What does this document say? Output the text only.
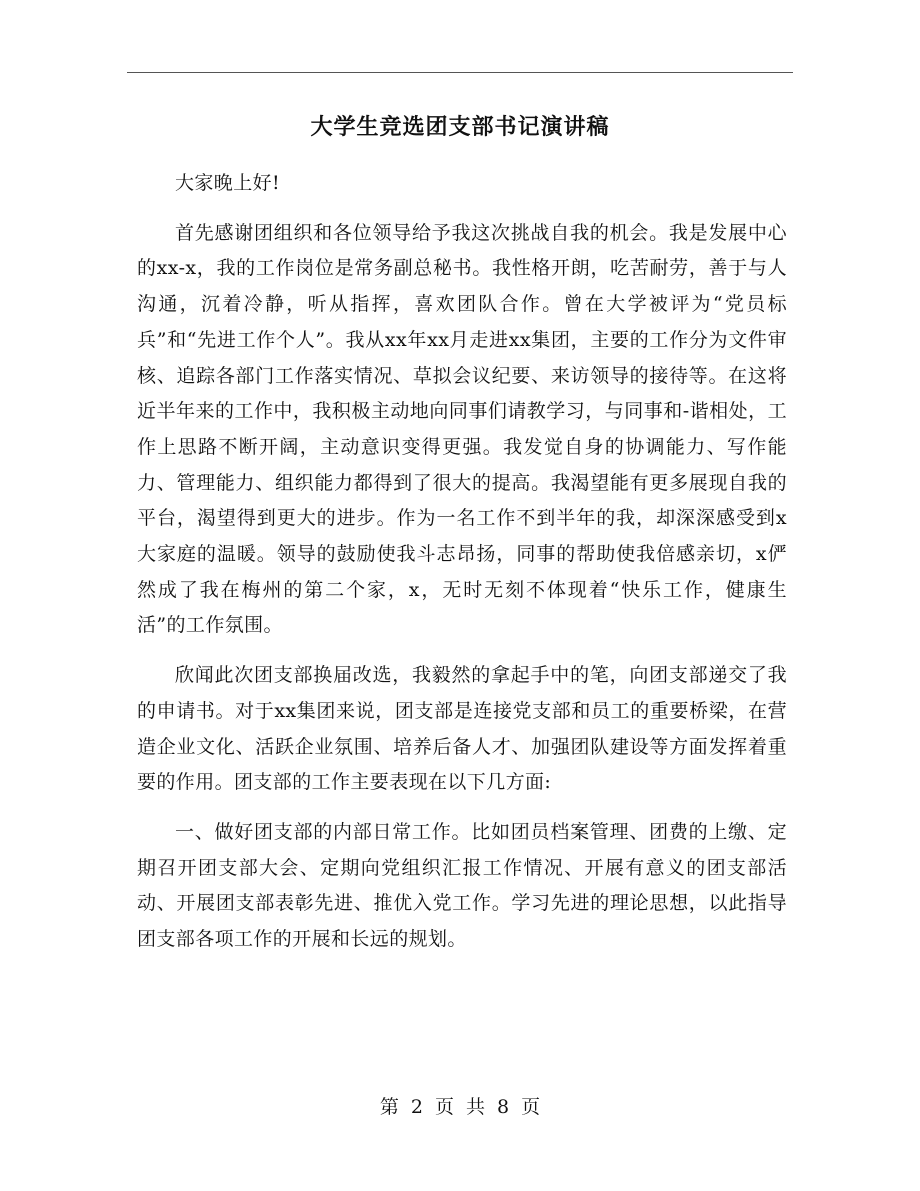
大学生竞选团支部书记演讲稿

大家晚上好!

首先感谢团组织和各位领导给予我这次挑战自我的机会。我是发展中心的xx-x，我的工作岗位是常务副总秘书。我性格开朗，吃苦耐劳，善于与人沟通，沉着冷静，听从指挥，喜欢团队合作。曾在大学被评为“党员标兵”和“先进工作个人”。我从xx年xx月走进xx集团，主要的工作分为文件审核、追踪各部门工作落实情况、草拟会议纪要、来访领导的接待等。在这将近半年来的工作中，我积极主动地向同事们请教学习，与同事和-谐相处，工作上思路不断开阔，主动意识变得更强。我发觉自身的协调能力、写作能力、管理能力、组织能力都得到了很大的提高。我渴望能有更多展现自我的平台，渴望得到更大的进步。作为一名工作不到半年的我，却深深感受到x大家庭的温暖。领导的鼓励使我斗志昂扬，同事的帮助使我倍感亲切，x俨然成了我在梅州的第二个家，x，无时无刻不体现着“快乐工作，健康生活”的工作氛围。

欣闻此次团支部换届改选，我毅然的拿起手中的笔，向团支部递交了我的申请书。对于xx集团来说，团支部是连接党支部和员工的重要桥梁，在营造企业文化、活跃企业氛围、培养后备人才、加强团队建设等方面发挥着重要的作用。团支部的工作主要表现在以下几方面:

一、做好团支部的内部日常工作。比如团员档案管理、团费的上缴、定期召开团支部大会、定期向党组织汇报工作情况、开展有意义的团支部活动、开展团支部表彰先进、推优入党工作。学习先进的理论思想，以此指导团支部各项工作的开展和长远的规划。

第 2 页 共 8 页
